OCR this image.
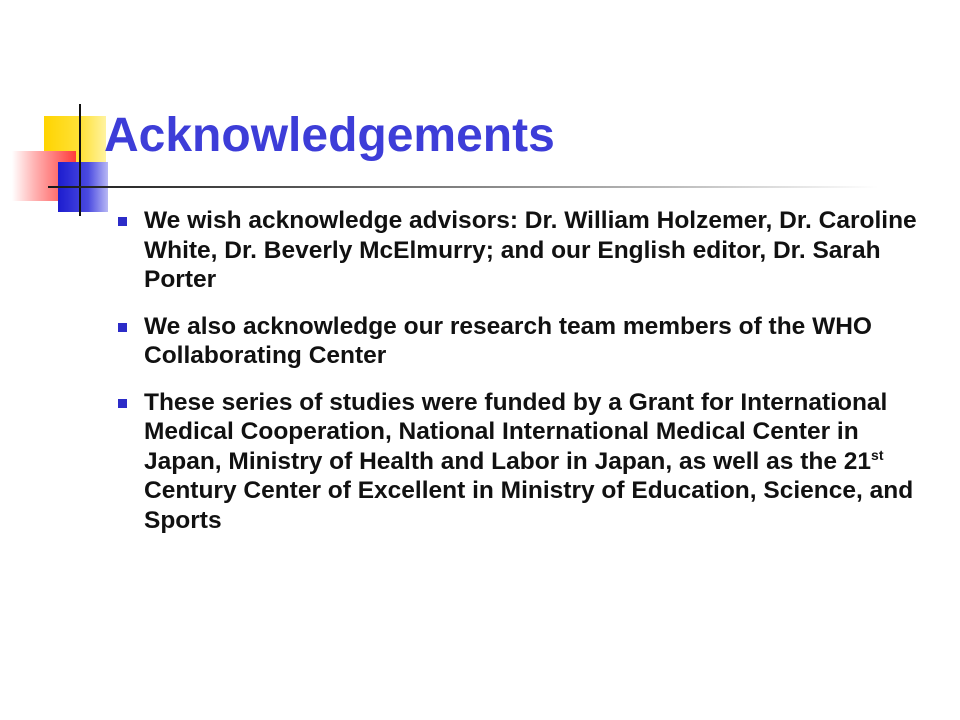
Acknowledgements
We wish acknowledge advisors: Dr. William Holzemer, Dr. Caroline White, Dr. Beverly McElmurry; and our English editor, Dr. Sarah Porter
We also acknowledge our research team members of the WHO Collaborating Center
These series of studies were funded by a Grant for International Medical Cooperation, National International Medical Center in Japan, Ministry of Health and Labor in Japan, as well as the 21st Century Center of Excellent in Ministry of Education, Science, and Sports
